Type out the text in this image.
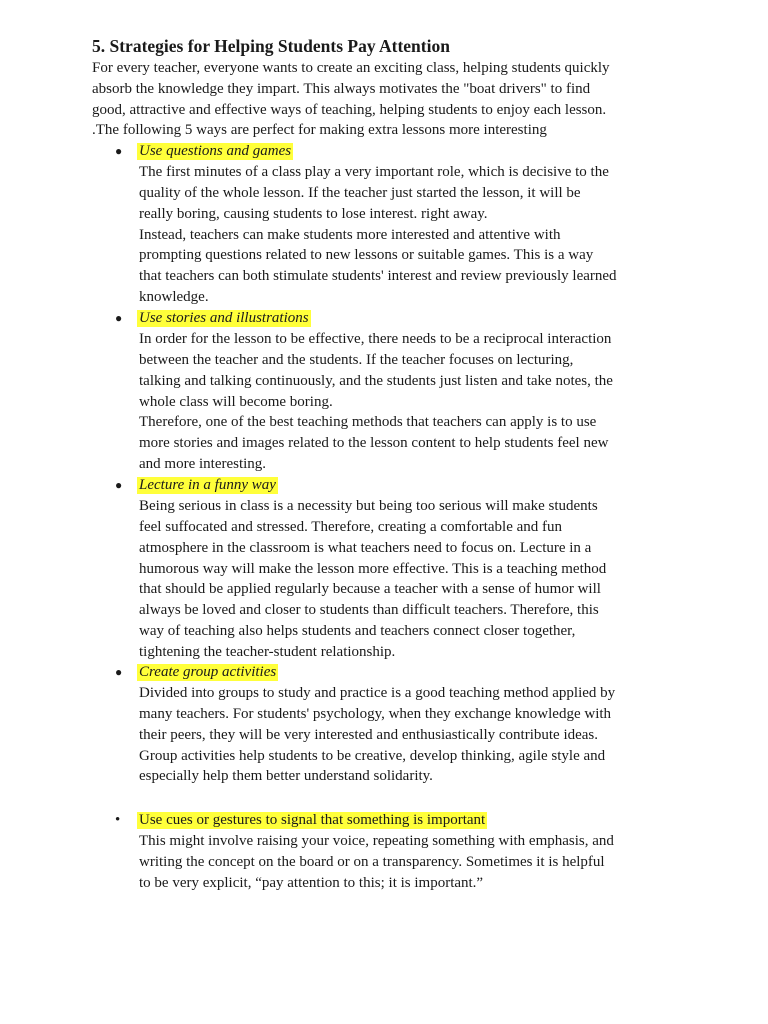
5. Strategies for Helping Students Pay Attention
For every teacher, everyone wants to create an exciting class, helping students quickly
absorb the knowledge they impart. This always motivates the "boat drivers" to find
good, attractive and effective ways of teaching, helping students to enjoy each lesson.
.The following 5 ways are perfect for making extra lessons more interesting
● Use questions and games
The first minutes of a class play a very important role, which is decisive to the
quality of the whole lesson. If the teacher just started the lesson, it will be
really boring, causing students to lose interest. right away.
Instead, teachers can make students more interested and attentive with
prompting questions related to new lessons or suitable games. This is a way
that teachers can both stimulate students' interest and review previously learned
knowledge.
● Use stories and illustrations
In order for the lesson to be effective, there needs to be a reciprocal interaction
between the teacher and the students. If the teacher focuses on lecturing,
talking and talking continuously, and the students just listen and take notes, the
whole class will become boring.
Therefore, one of the best teaching methods that teachers can apply is to use
more stories and images related to the lesson content to help students feel new
and more interesting.
● Lecture in a funny way
Being serious in class is a necessity but being too serious will make students
feel suffocated and stressed. Therefore, creating a comfortable and fun
atmosphere in the classroom is what teachers need to focus on. Lecture in a
humorous way will make the lesson more effective. This is a teaching method
that should be applied regularly because a teacher with a sense of humor will
always be loved and closer to students than difficult teachers. Therefore, this
way of teaching also helps students and teachers connect closer together,
tightening the teacher-student relationship.
● Create group activities
Divided into groups to study and practice is a good teaching method applied by
many teachers. For students' psychology, when they exchange knowledge with
their peers, they will be very interested and enthusiastically contribute ideas.
Group activities help students to be creative, develop thinking, agile style and
especially help them better understand solidarity.
• Use cues or gestures to signal that something is important
This might involve raising your voice, repeating something with emphasis, and
writing the concept on the board or on a transparency. Sometimes it is helpful
to be very explicit, “pay attention to this; it is important.”
